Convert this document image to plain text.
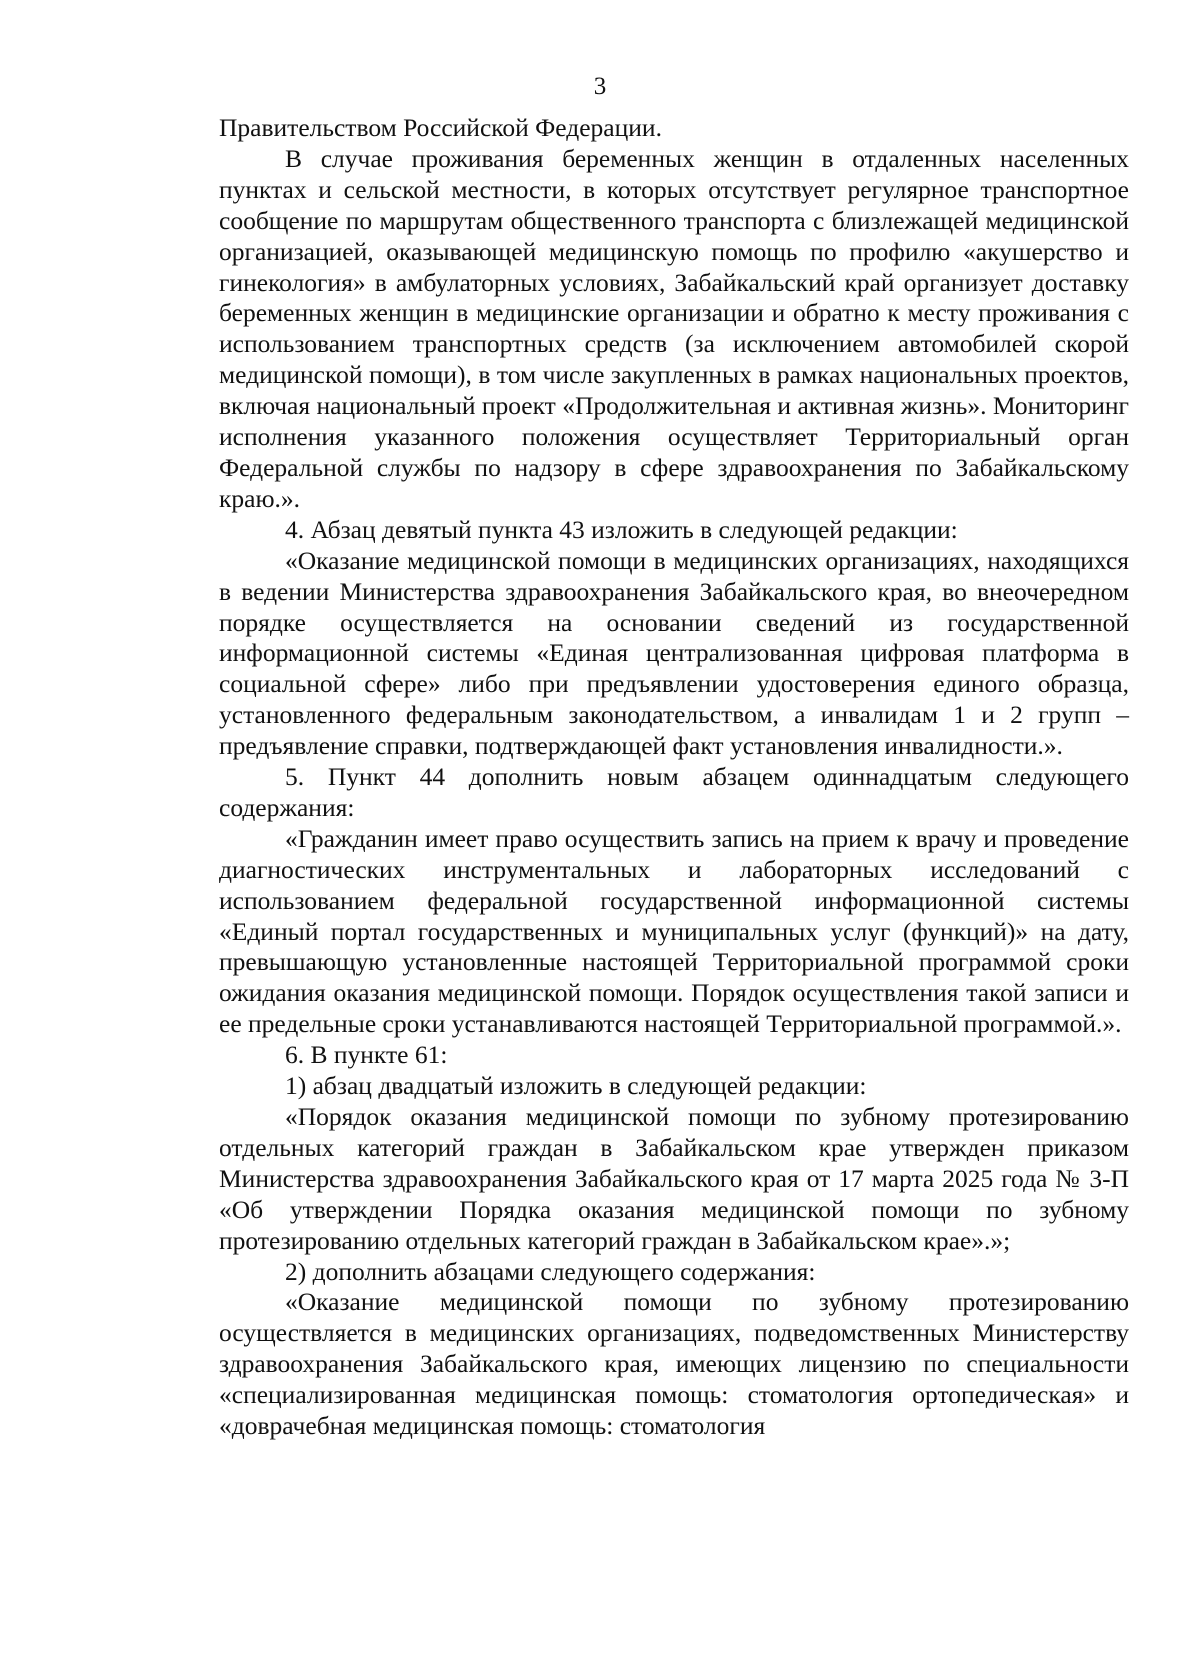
3

Правительством Российской Федерации.

В случае проживания беременных женщин в отдаленных населенных пунктах и сельской местности, в которых отсутствует регулярное транспортное сообщение по маршрутам общественного транспорта с близлежащей медицинской организацией, оказывающей медицинскую помощь по профилю «акушерство и гинекология» в амбулаторных условиях, Забайкальский край организует доставку беременных женщин в медицинские организации и обратно к месту проживания с использованием транспортных средств (за исключением автомобилей скорой медицинской помощи), в том числе закупленных в рамках национальных проектов, включая национальный проект «Продолжительная и активная жизнь». Мониторинг исполнения указанного положения осуществляет Территориальный орган Федеральной службы по надзору в сфере здравоохранения по Забайкальскому краю.».

4. Абзац девятый пункта 43 изложить в следующей редакции:

«Оказание медицинской помощи в медицинских организациях, находящихся в ведении Министерства здравоохранения Забайкальского края, во внеочередном порядке осуществляется на основании сведений из государственной информационной системы «Единая централизованная цифровая платформа в социальной сфере» либо при предъявлении удостоверения единого образца, установленного федеральным законодательством, а инвалидам 1 и 2 групп – предъявление справки, подтверждающей факт установления инвалидности.».

5. Пункт 44 дополнить новым абзацем одиннадцатым следующего содержания:

«Гражданин имеет право осуществить запись на прием к врачу и проведение диагностических инструментальных и лабораторных исследований с использованием федеральной государственной информационной системы «Единый портал государственных и муниципальных услуг (функций)» на дату, превышающую установленные настоящей Территориальной программой сроки ожидания оказания медицинской помощи. Порядок осуществления такой записи и ее предельные сроки устанавливаются настоящей Территориальной программой.».

6. В пункте 61:

1) абзац двадцатый изложить в следующей редакции:

«Порядок оказания медицинской помощи по зубному протезированию отдельных категорий граждан в Забайкальском крае утвержден приказом Министерства здравоохранения Забайкальского края от 17 марта 2025 года № 3-П «Об утверждении Порядка оказания медицинской помощи по зубному протезированию отдельных категорий граждан в Забайкальском крае».»;

2) дополнить абзацами следующего содержания:

«Оказание медицинской помощи по зубному протезированию осуществляется в медицинских организациях, подведомственных Министерству здравоохранения Забайкальского края, имеющих лицензию по специальности «специализированная медицинская помощь: стоматология ортопедическая» и «доврачебная медицинская помощь: стоматология
